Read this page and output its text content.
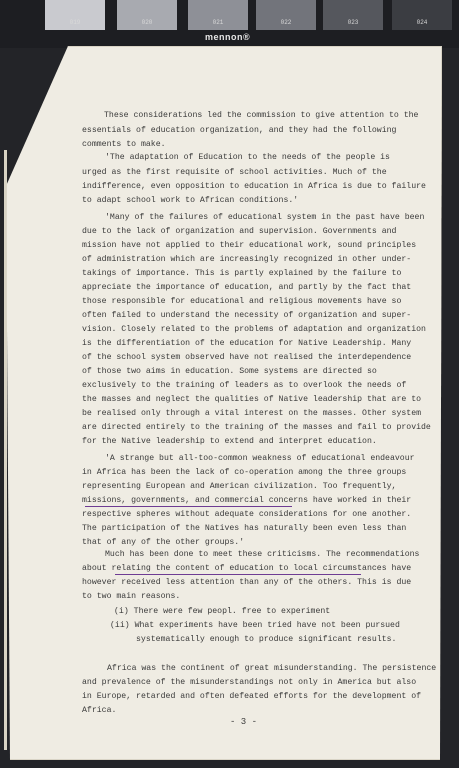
019	020	021	022	023	024
mennon®
These considerations led the commission to give attention to the
essentials of education organization, and they had the following
comments to make.
'The adaptation of Education to the needs of the people is
urged as the first requisite of school activities. Much of the
indifference, even opposition to education in Africa is due to failure
to adapt school work to African conditions.'
'Many of the failures of educational system in the past have been
due to the lack of organization and supervision. Governments and
mission have not applied to their educational work, sound principles
of administration which are increasingly recognized in other under-
takings of importance. This is partly explained by the failure to
appreciate the importance of education, and partly by the fact that
those responsible for educational and religious movements have so
often failed to understand the necessity of organization and super-
vision. Closely related to the problems of adaptation and organization
is the differentiation of the education for Native Leadership. Many
of the school system observed have not realised the interdependence
of those two aims in education. Some systems are directed so
exclusively to the training of leaders as to overlook the needs of
the masses and neglect the qualities of Native leadership that are to
be realised only through a vital interest on the masses. Other system
are directed entirely to the training of the masses and fail to provide
for the Native leadership to extend and interpret education.
'A strange but all-too-common weakness of educational endeavour
in Africa has been the lack of co-operation among the three groups
representing European and American civilization. Too frequently,
missions, governments, and commercial concerns have worked in their
respective spheres without adequate considerations for one another.
The participation of the Natives has naturally been even less than
that of any of the other groups.'
Much has been done to meet these criticisms. The recommendations
about relating the content of education to local circumstances have
however received less attention than any of the others. This is due
to two main reasons.
(i) There were few peopl. free to experiment
(ii) What experiments have been tried have not been pursued
systematically enough to produce significant results.
Africa was the continent of great misunderstanding. The persistence
and prevalence of the misunderstandings not only in America but also
in Europe, retarded and often defeated efforts for the development of
Africa.
- 3 -
